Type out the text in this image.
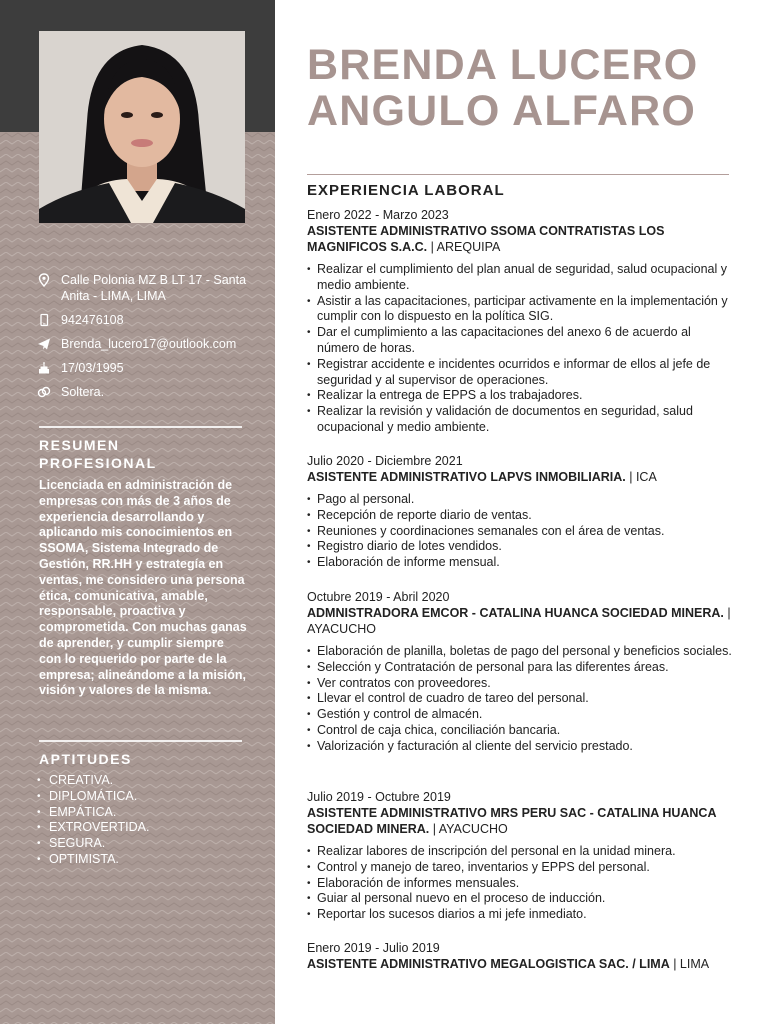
Calle Polonia MZ B LT 17 - Santa Anita - LIMA, LIMA
942476108
Brenda_lucero17@outlook.com
17/03/1995
Soltera.
RESUMEN PROFESIONAL
Licenciada en administración de empresas con más de 3 años de experiencia desarrollando y aplicando mis conocimientos en SSOMA, Sistema Integrado de Gestión, RR.HH y estrategía en ventas, me considero una persona ética, comunicativa, amable, responsable, proactiva y comprometida. Con muchas ganas de aprender, y cumplir siempre con lo requerido por parte de la empresa; alineándome a la misión, visión y valores de la misma.
APTITUDES
• CREATIVA.
• DIPLOMÁTICA.
• EMPÁTICA.
• EXTROVERTIDA.
• SEGURA.
• OPTIMISTA.
BRENDA LUCERO
ANGULO ALFARO
EXPERIENCIA LABORAL
Enero 2022 - Marzo 2023
ASISTENTE ADMINISTRATIVO SSOMA CONTRATISTAS LOS MAGNIFICOS S.A.C. | AREQUIPA
• Realizar el cumplimiento del plan anual de seguridad, salud ocupacional y medio ambiente.
• Asistir a las capacitaciones, participar activamente en la implementación y cumplir con lo dispuesto en la política SIG.
• Dar el cumplimiento a las capacitaciones del anexo 6 de acuerdo al número de horas.
• Registrar accidente e incidentes ocurridos e informar de ellos al jefe de seguridad y al supervisor de operaciones.
• Realizar la entrega de EPPS a los trabajadores.
• Realizar la revisión y validación de documentos en seguridad, salud ocupacional y medio ambiente.
Julio 2020 - Diciembre 2021
ASISTENTE ADMINISTRATIVO LAPVS INMOBILIARIA. | ICA
• Pago al personal.
• Recepción de reporte diario de ventas.
• Reuniones y coordinaciones semanales con el área de ventas.
• Registro diario de lotes vendidos.
• Elaboración de informe mensual.
Octubre 2019 - Abril 2020
ADMNISTRADORA EMCOR - CATALINA HUANCA SOCIEDAD MINERA. | AYACUCHO
• Elaboración de planilla, boletas de pago del personal y beneficios sociales.
• Selección y Contratación de personal para las diferentes áreas.
• Ver contratos con proveedores.
• Llevar el control de cuadro de tareo del personal.
• Gestión y control de almacén.
• Control de caja chica, conciliación bancaria.
• Valorización y facturación al cliente del servicio prestado.
Julio 2019 - Octubre 2019
ASISTENTE ADMINISTRATIVO MRS PERU SAC - CATALINA HUANCA SOCIEDAD MINERA. | AYACUCHO
• Realizar labores de inscripción del personal en la unidad minera.
• Control y manejo de tareo, inventarios y EPPS del personal.
• Elaboración de informes mensuales.
• Guiar al personal nuevo en el proceso de inducción.
• Reportar los sucesos diarios a mi jefe inmediato.
Enero 2019 - Julio 2019
ASISTENTE ADMINISTRATIVO MEGALOGISTICA SAC. / LIMA | LIMA
